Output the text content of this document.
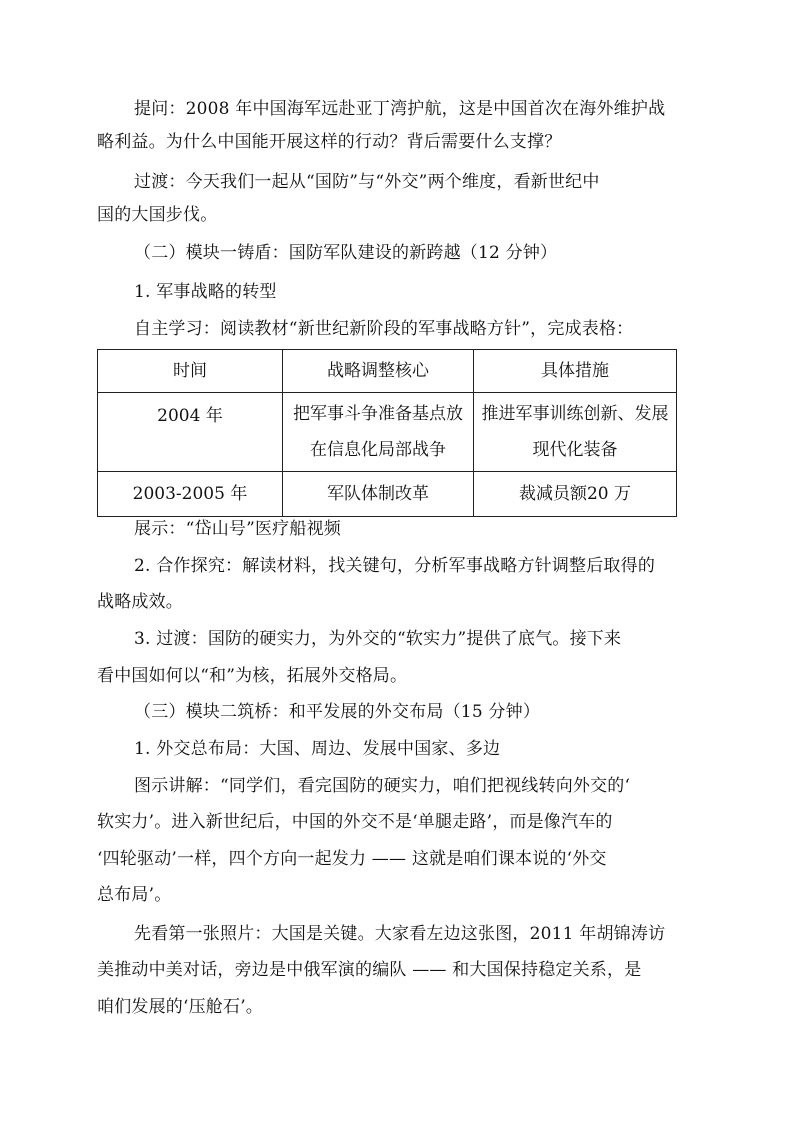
提问：2008 年中国海军远赴亚丁湾护航，这是中国首次在海外维护战
略利益。为什么中国能开展这样的行动？背后需要什么支撑？
过渡：今天我们一起从“国防”与“外交”两个维度，看新世纪中
国的大国步伐。
（二）模块一铸盾：国防军队建设的新跨越（12 分钟）
1. 军事战略的转型
自主学习：阅读教材“新世纪新阶段的军事战略方针”，完成表格：
时间	战略调整核心	具体措施
2004 年	把军事斗争准备基点放在信息化局部战争	推进军事训练创新、发展现代化装备
2003-2005 年	军队体制改革	裁减员额20 万
展示：“岱山号”医疗船视频
2. 合作探究：解读材料，找关键句，分析军事战略方针调整后取得的
战略成效。
3. 过渡：国防的硬实力，为外交的“软实力”提供了底气。接下来
看中国如何以“和”为核，拓展外交格局。
（三）模块二筑桥：和平发展的外交布局（15 分钟）
1. 外交总布局：大国、周边、发展中国家、多边
图示讲解：“同学们，看完国防的硬实力，咱们把视线转向外交的‘
软实力’。进入新世纪后，中国的外交不是‘单腿走路’，而是像汽车的
‘四轮驱动’一样，四个方向一起发力 —— 这就是咱们课本说的‘外交
总布局’。
先看第一张照片：大国是关键。大家看左边这张图，2011 年胡锦涛访
美推动中美对话，旁边是中俄军演的编队 —— 和大国保持稳定关系，是
咱们发展的‘压舱石’。
